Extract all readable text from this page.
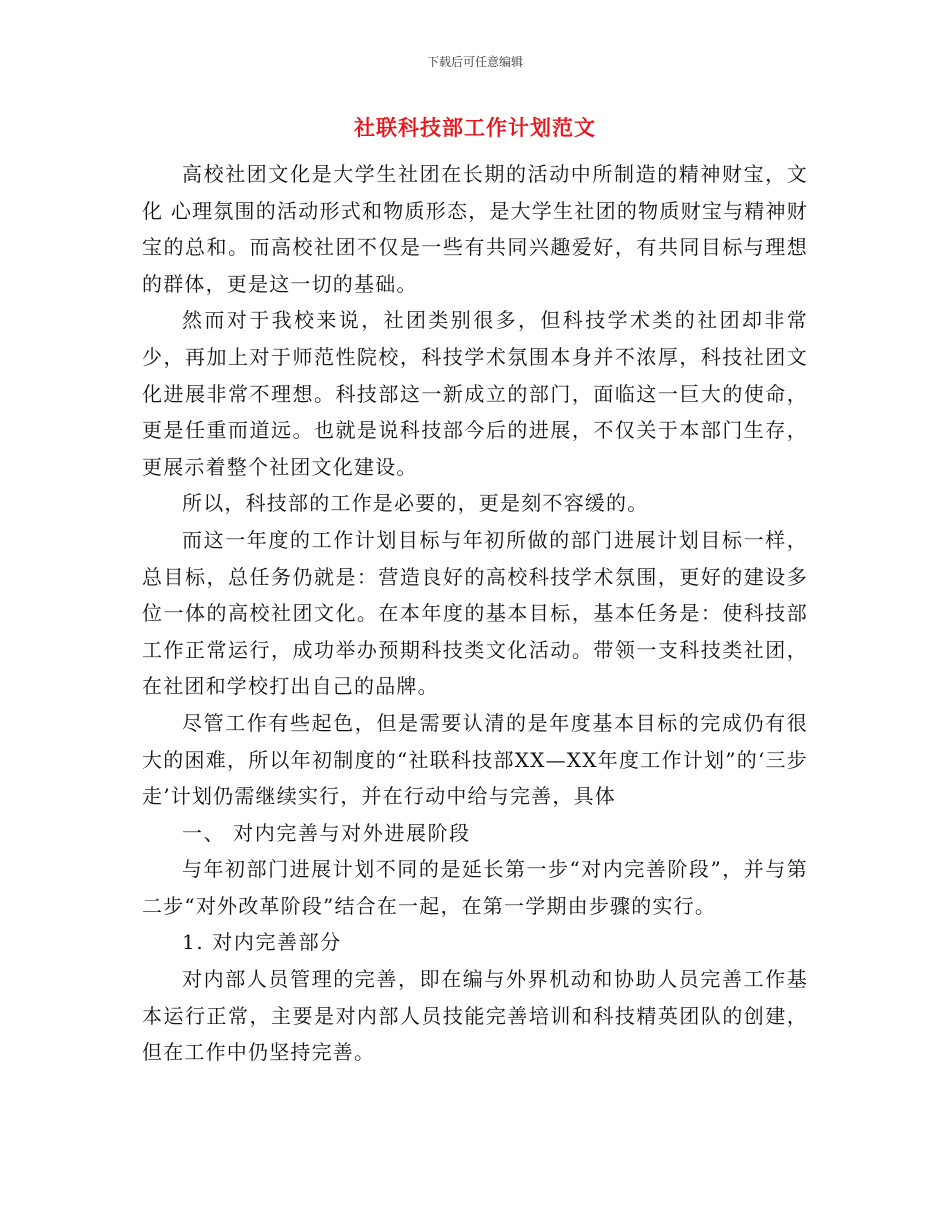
下载后可任意编辑
社联科技部工作计划范文

高校社团文化是大学生社团在长期的活动中所制造的精神财宝，文化 心理氛围的活动形式和物质形态，是大学生社团的物质财宝与精神财宝的总和。而高校社团不仅是一些有共同兴趣爱好，有共同目标与理想的群体，更是这一切的基础。

然而对于我校来说，社团类别很多，但科技学术类的社团却非常少，再加上对于师范性院校，科技学术氛围本身并不浓厚，科技社团文化进展非常不理想。科技部这一新成立的部门，面临这一巨大的使命，更是任重而道远。也就是说科技部今后的进展，不仅关于本部门生存，更展示着整个社团文化建设。

所以，科技部的工作是必要的，更是刻不容缓的。

而这一年度的工作计划目标与年初所做的部门进展计划目标一样，总目标，总任务仍就是：营造良好的高校科技学术氛围，更好的建设多位一体的高校社团文化。在本年度的基本目标，基本任务是：使科技部工作正常运行，成功举办预期科技类文化活动。带领一支科技类社团，在社团和学校打出自己的品牌。

尽管工作有些起色，但是需要认清的是年度基本目标的完成仍有很大的困难，所以年初制度的“社联科技部XX—XX年度工作计划”的‘三步走’计划仍需继续实行，并在行动中给与完善，具体

一、 对内完善与对外进展阶段

与年初部门进展计划不同的是延长第一步“对内完善阶段”，并与第二步“对外改革阶段”结合在一起，在第一学期由步骤的实行。

1. 对内完善部分

对内部人员管理的完善，即在编与外界机动和协助人员完善工作基本运行正常，主要是对内部人员技能完善培训和科技精英团队的创建，但在工作中仍坚持完善。
